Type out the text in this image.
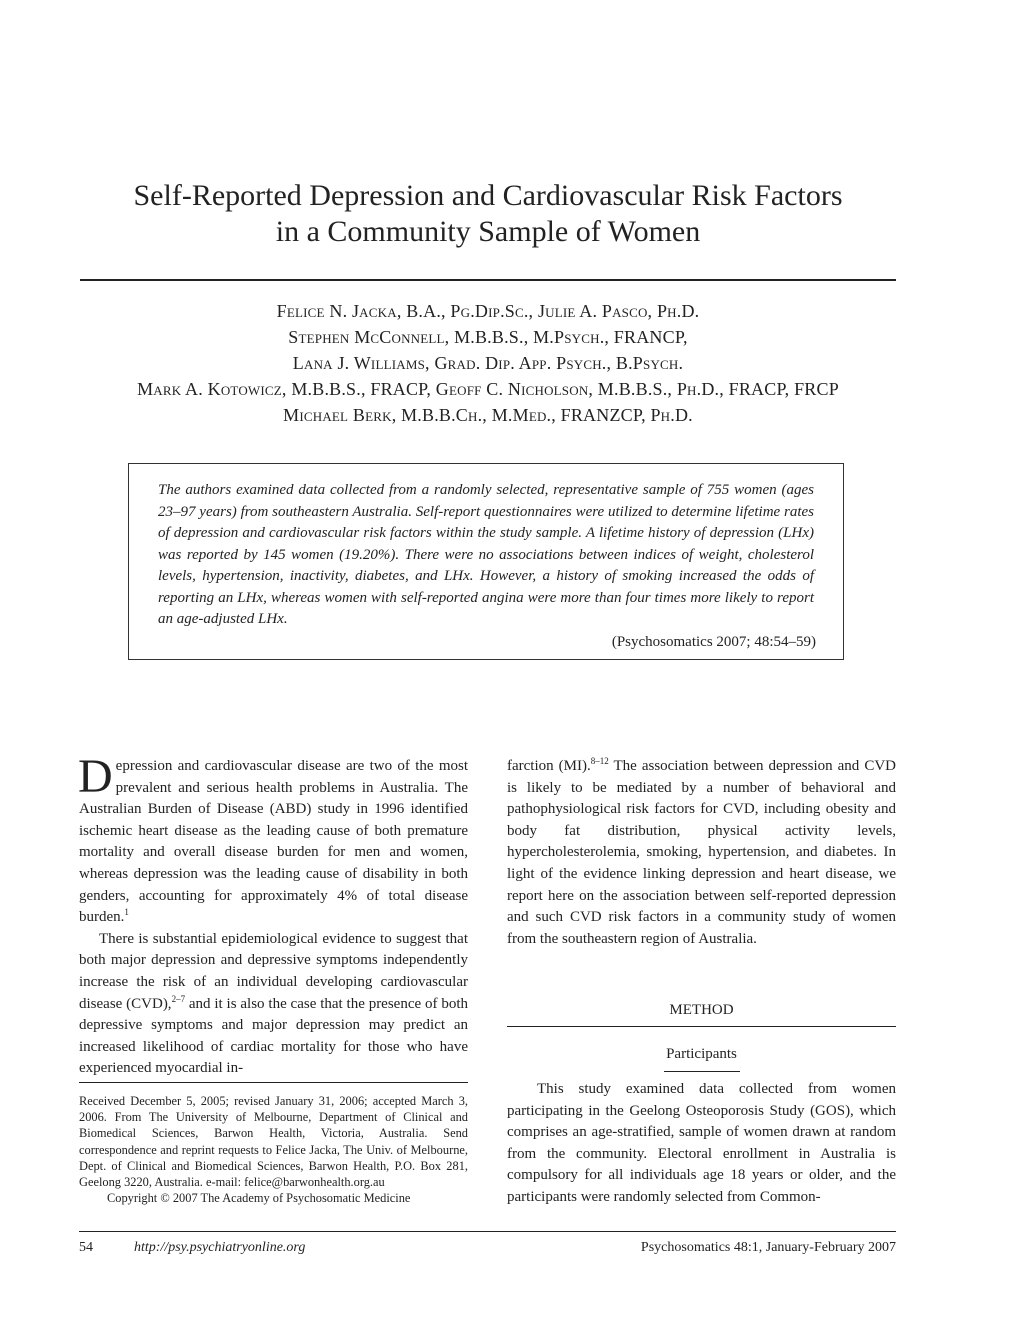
Self-Reported Depression and Cardiovascular Risk Factors
in a Community Sample of Women
Felice N. Jacka, B.A., Pg.Dip.Sc., Julie A. Pasco, Ph.D.
Stephen McConnell, M.B.B.S., M.Psych., FRANCP,
Lana J. Williams, Grad. Dip. App. Psych., B.Psych.
Mark A. Kotowicz, M.B.B.S., FRACP, Geoff C. Nicholson, M.B.B.S., Ph.D., FRACP, FRCP
Michael Berk, M.B.B.Ch., M.Med., FRANZCP, Ph.D.
The authors examined data collected from a randomly selected, representative sample of 755 women (ages 23–97 years) from southeastern Australia. Self-report questionnaires were utilized to determine lifetime rates of depression and cardiovascular risk factors within the study sample. A lifetime history of depression (LHx) was reported by 145 women (19.20%). There were no associations between indices of weight, cholesterol levels, hypertension, inactivity, diabetes, and LHx. However, a history of smoking increased the odds of reporting an LHx, whereas women with self-reported angina were more than four times more likely to report an age-adjusted LHx.
(Psychosomatics 2007; 48:54–59)

Depression and cardiovascular disease are two of the most prevalent and serious health problems in Australia. The Australian Burden of Disease (ABD) study in 1996 identified ischemic heart disease as the leading cause of both premature mortality and overall disease burden for men and women, whereas depression was the leading cause of disability in both genders, accounting for approximately 4% of total disease burden.$^1$

There is substantial epidemiological evidence to suggest that both major depression and depressive symptoms independently increase the risk of an individual developing cardiovascular disease (CVD),$^{2-7}$ and it is also the case that the presence of both depressive symptoms and major depression may predict an increased likelihood of cardiac mortality for those who have experienced myocardial in-

Received December 5, 2005; revised January 31, 2006; accepted March 3, 2006. From The University of Melbourne, Department of Clinical and Biomedical Sciences, Barwon Health, Victoria, Australia. Send correspondence and reprint requests to Felice Jacka, The Univ. of Melbourne, Dept. of Clinical and Biomedical Sciences, Barwon Health, P.O. Box 281, Geelong 3220, Australia. e-mail: felice@barwonhealth.org.au

Copyright © 2007 The Academy of Psychosomatic Medicine

farction (MI).$^{8-12}$ The association between depression and CVD is likely to be mediated by a number of behavioral and pathophysiological risk factors for CVD, including obesity and body fat distribution, physical activity levels, hypercholesterolemia, smoking, hypertension, and diabetes. In light of the evidence linking depression and heart disease, we report here on the association between self-reported depression and such CVD risk factors in a community study of women from the southeastern region of Australia.

METHOD
Participants

This study examined data collected from women participating in the Geelong Osteoporosis Study (GOS), which comprises an age-stratified, sample of women drawn at random from the community. Electoral enrollment in Australia is compulsory for all individuals age 18 years or older, and the participants were randomly selected from Common-

54	http://psy.psychiatryonline.org	Psychosomatics 48:1, January-February 2007
